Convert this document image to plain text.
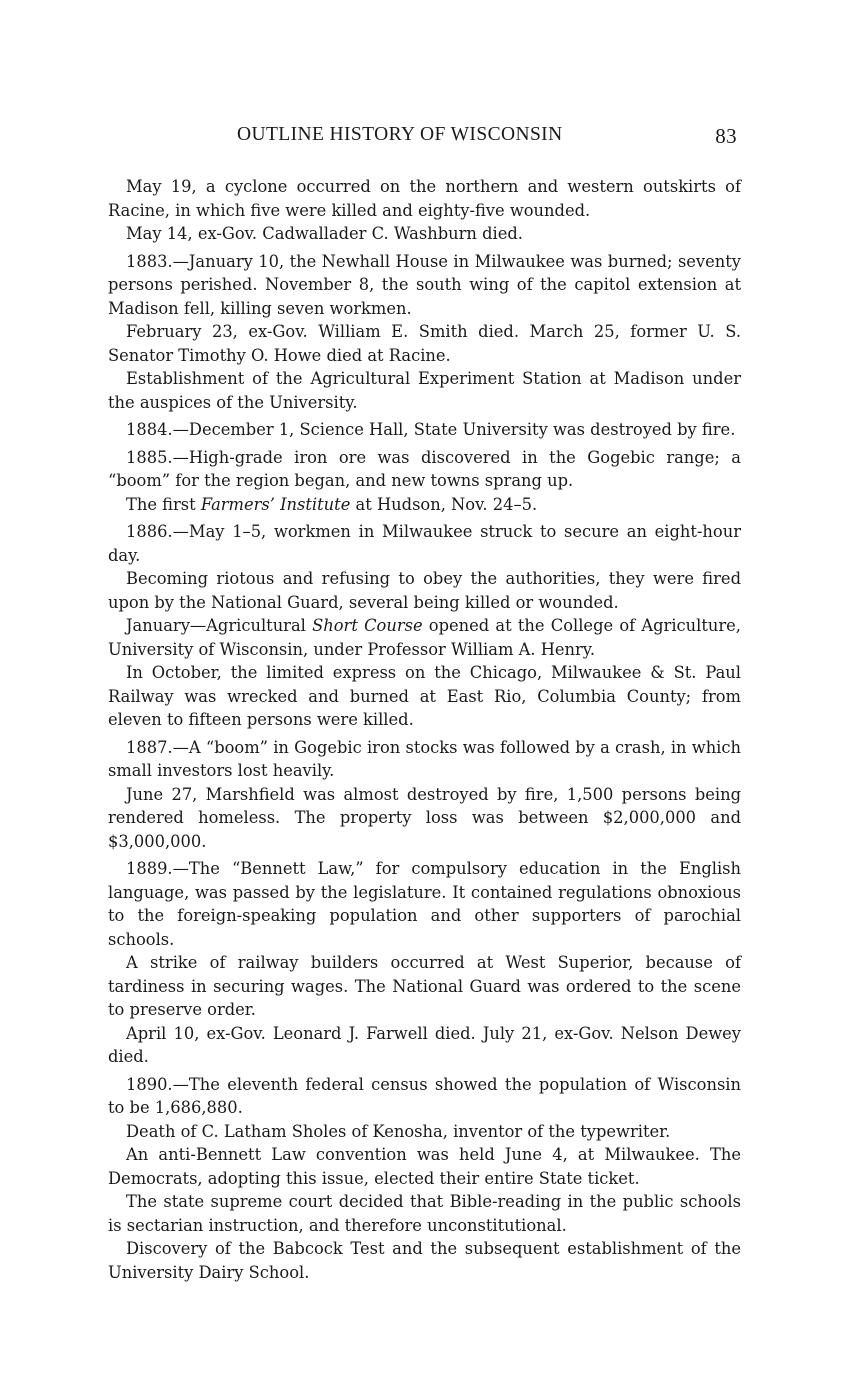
OUTLINE HISTORY OF WISCONSIN	83

May 19, a cyclone occurred on the northern and western outskirts of Racine, in which five were killed and eighty-five wounded.

May 14, ex-Gov. Cadwallader C. Washburn died.

1883.—January 10, the Newhall House in Milwaukee was burned; seventy persons perished. November 8, the south wing of the capitol extension at Madison fell, killing seven workmen.

February 23, ex-Gov. William E. Smith died. March 25, former U. S. Senator Timothy O. Howe died at Racine.

Establishment of the Agricultural Experiment Station at Madison under the auspices of the University.

1884.—December 1, Science Hall, State University was destroyed by fire.

1885.—High-grade iron ore was discovered in the Gogebic range; a “boom” for the region began, and new towns sprang up.

The first Farmers’ Institute at Hudson, Nov. 24–5.

1886.—May 1–5, workmen in Milwaukee struck to secure an eight-hour day.

Becoming riotous and refusing to obey the authorities, they were fired upon by the National Guard, several being killed or wounded.

January—Agricultural Short Course opened at the College of Agriculture, University of Wisconsin, under Professor William A. Henry.

In October, the limited express on the Chicago, Milwaukee & St. Paul Railway was wrecked and burned at East Rio, Columbia County; from eleven to fifteen persons were killed.

1887.—A “boom” in Gogebic iron stocks was followed by a crash, in which small investors lost heavily.

June 27, Marshfield was almost destroyed by fire, 1,500 persons being rendered homeless. The property loss was between $2,000,000 and $3,000,000.

1889.—The “Bennett Law,” for compulsory education in the English language, was passed by the legislature. It contained regulations obnoxious to the foreign-speaking population and other supporters of parochial schools.

A strike of railway builders occurred at West Superior, because of tardiness in securing wages. The National Guard was ordered to the scene to preserve order.

April 10, ex-Gov. Leonard J. Farwell died. July 21, ex-Gov. Nelson Dewey died.

1890.—The eleventh federal census showed the population of Wisconsin to be 1,686,880.

Death of C. Latham Sholes of Kenosha, inventor of the typewriter.

An anti-Bennett Law convention was held June 4, at Milwaukee. The Democrats, adopting this issue, elected their entire State ticket.

The state supreme court decided that Bible-reading in the public schools is sectarian instruction, and therefore unconstitutional.

Discovery of the Babcock Test and the subsequent establishment of the University Dairy School.
